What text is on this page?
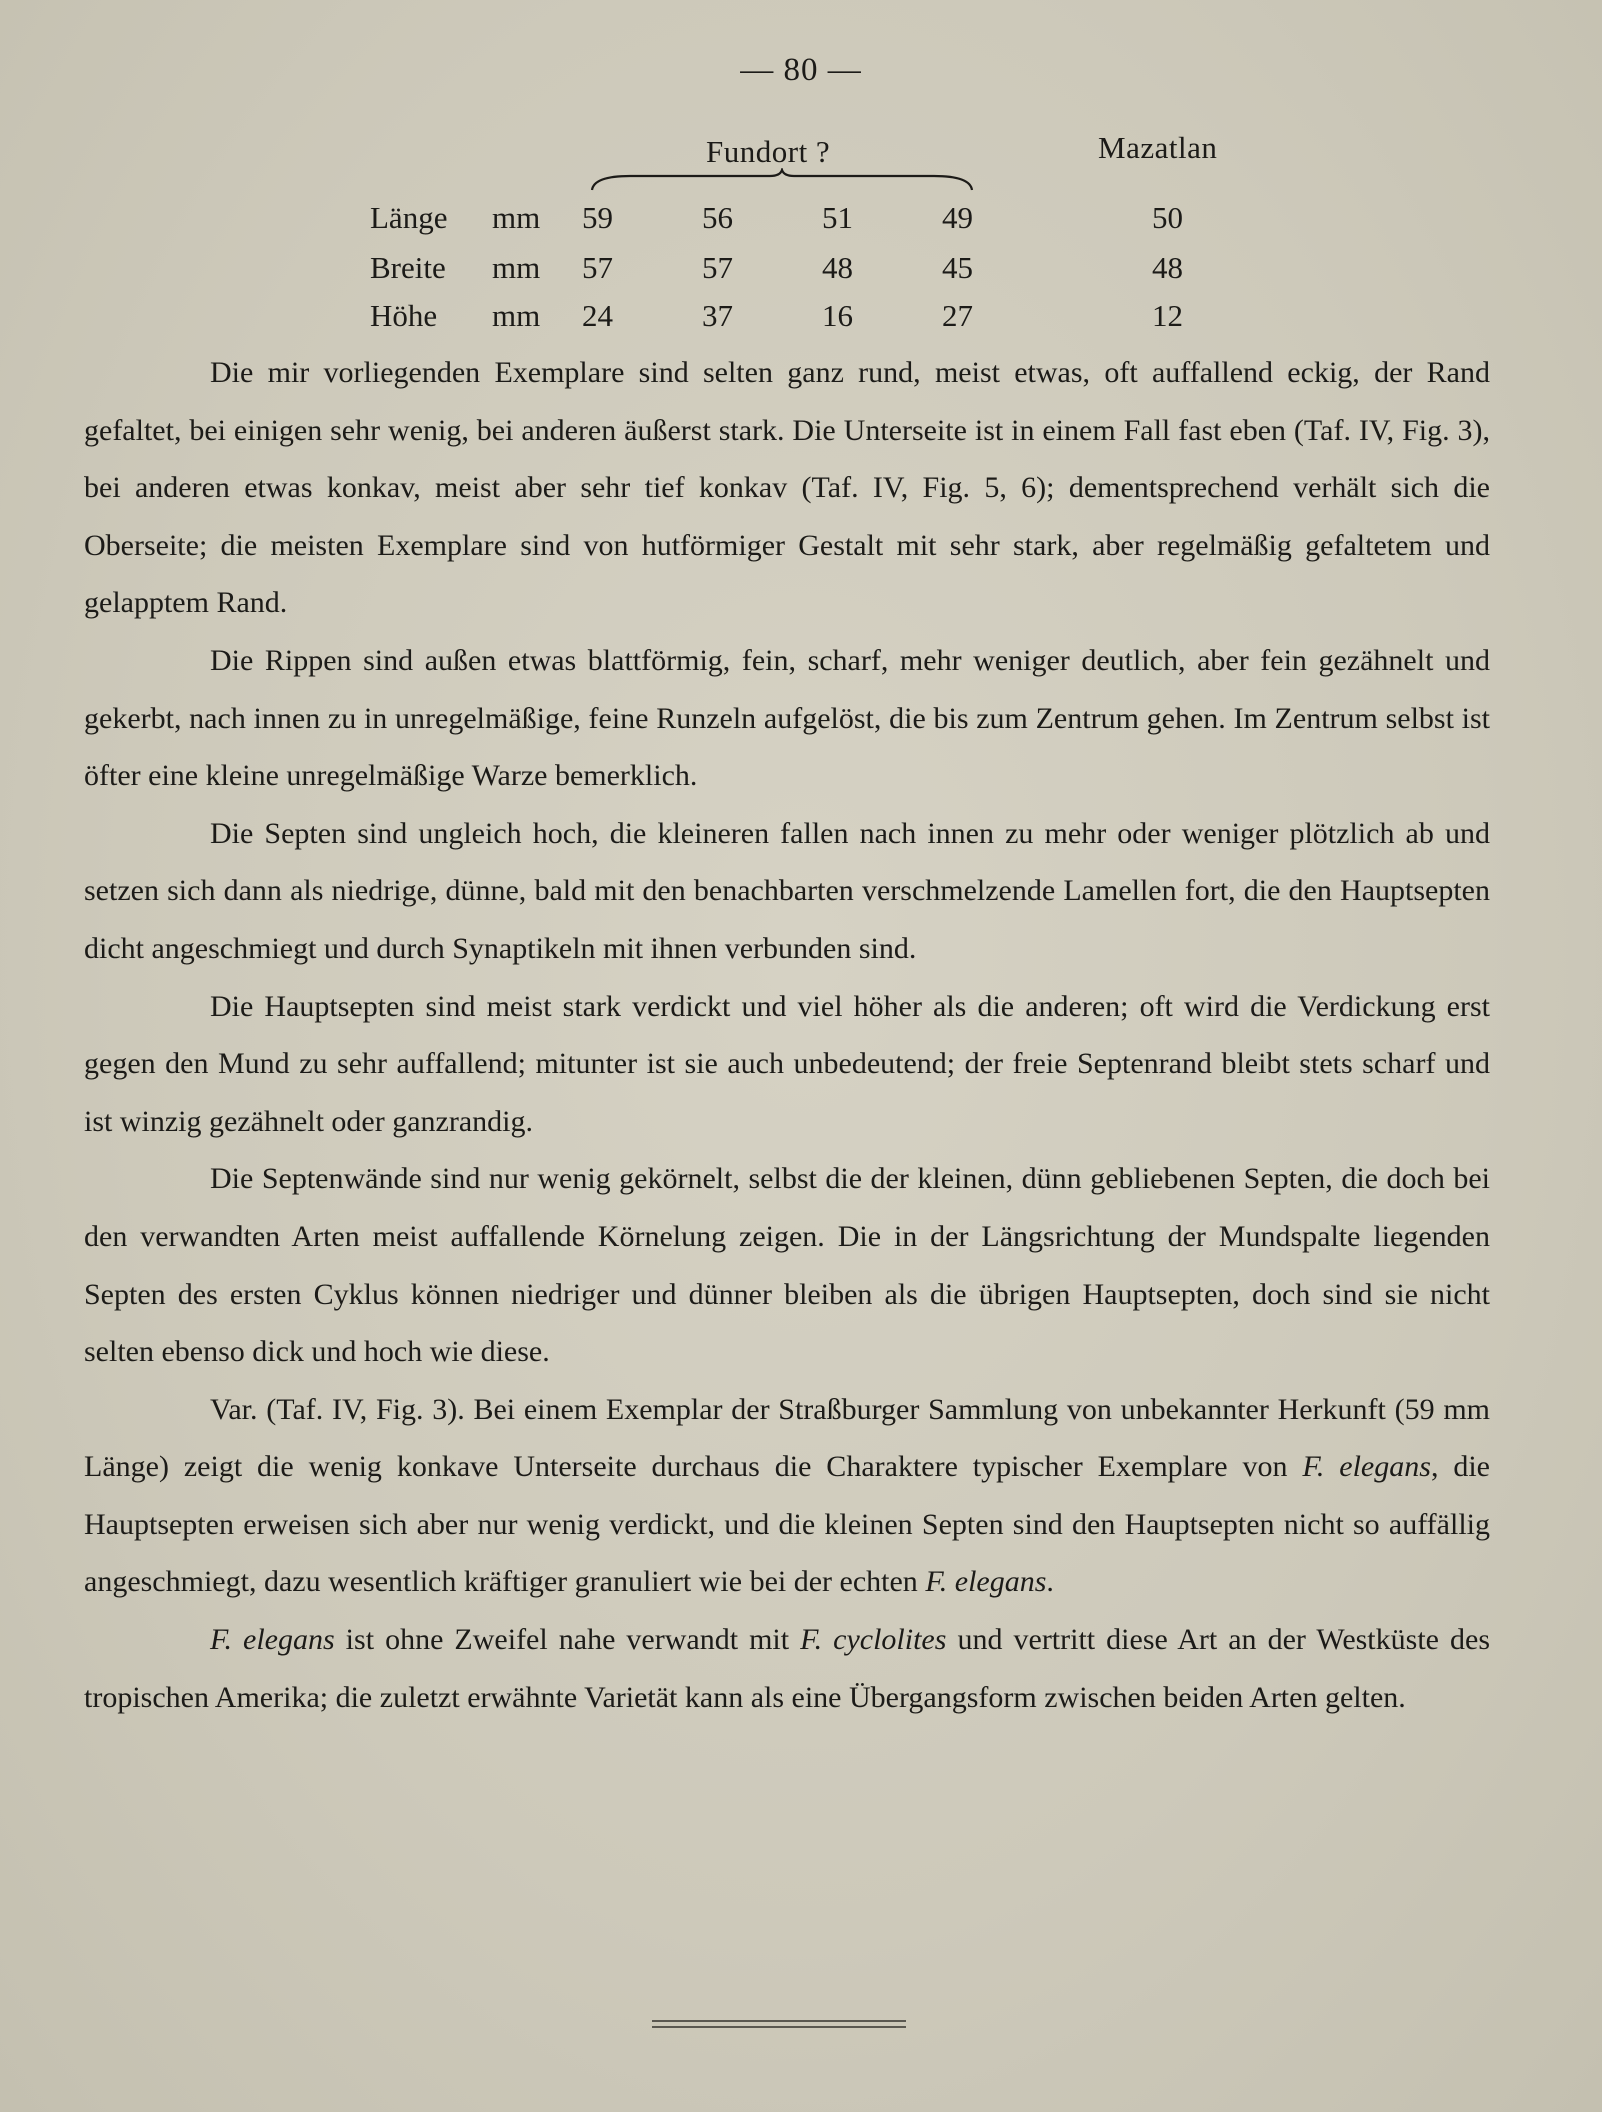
— 80 —
Fundort ?	Mazatlan
Länge mm 59	56	51	49	50
Breite mm 57	57	48	45	48
Höhe mm 24	37	16	27	12

Die mir vorliegenden Exemplare sind selten ganz rund, meist etwas, oft auffallend eckig, der Rand gefaltet, bei einigen sehr wenig, bei anderen äußerst stark. Die Unterseite ist in einem Fall fast eben (Taf. IV, Fig. 3), bei anderen etwas konkav, meist aber sehr tief konkav (Taf. IV, Fig. 5, 6); dementsprechend verhält sich die Oberseite; die meisten Exemplare sind von hutförmiger Gestalt mit sehr stark, aber regelmäßig gefaltetem und gelapptem Rand.

Die Rippen sind außen etwas blattförmig, fein, scharf, mehr weniger deutlich, aber fein gezähnelt und gekerbt, nach innen zu in unregelmäßige, feine Runzeln aufgelöst, die bis zum Zentrum gehen. Im Zentrum selbst ist öfter eine kleine unregelmäßige Warze bemerklich.

Die Septen sind ungleich hoch, die kleineren fallen nach innen zu mehr oder weniger plötzlich ab und setzen sich dann als niedrige, dünne, bald mit den benachbarten verschmelzende Lamellen fort, die den Hauptsepten dicht angeschmiegt und durch Synaptikeln mit ihnen verbunden sind.

Die Hauptsepten sind meist stark verdickt und viel höher als die anderen; oft wird die Verdickung erst gegen den Mund zu sehr auffallend; mitunter ist sie auch unbedeutend; der freie Septenrand bleibt stets scharf und ist winzig gezähnelt oder ganzrandig.

Die Septenwände sind nur wenig gekörnelt, selbst die der kleinen, dünn gebliebenen Septen, die doch bei den verwandten Arten meist auffallende Körnelung zeigen. Die in der Längsrichtung der Mundspalte liegenden Septen des ersten Cyklus können niedriger und dünner bleiben als die übrigen Hauptsepten, doch sind sie nicht selten ebenso dick und hoch wie diese.

Var. (Taf. IV, Fig. 3). Bei einem Exemplar der Straßburger Sammlung von unbekannter Herkunft (59 mm Länge) zeigt die wenig konkave Unterseite durchaus die Charaktere typischer Exemplare von F. elegans, die Hauptsepten erweisen sich aber nur wenig verdickt, und die kleinen Septen sind den Hauptsepten nicht so auffällig angeschmiegt, dazu wesentlich kräftiger granuliert wie bei der echten F. elegans.

F. elegans ist ohne Zweifel nahe verwandt mit F. cyclolites und vertritt diese Art an der Westküste des tropischen Amerika; die zuletzt erwähnte Varietät kann als eine Übergangsform zwischen beiden Arten gelten.
